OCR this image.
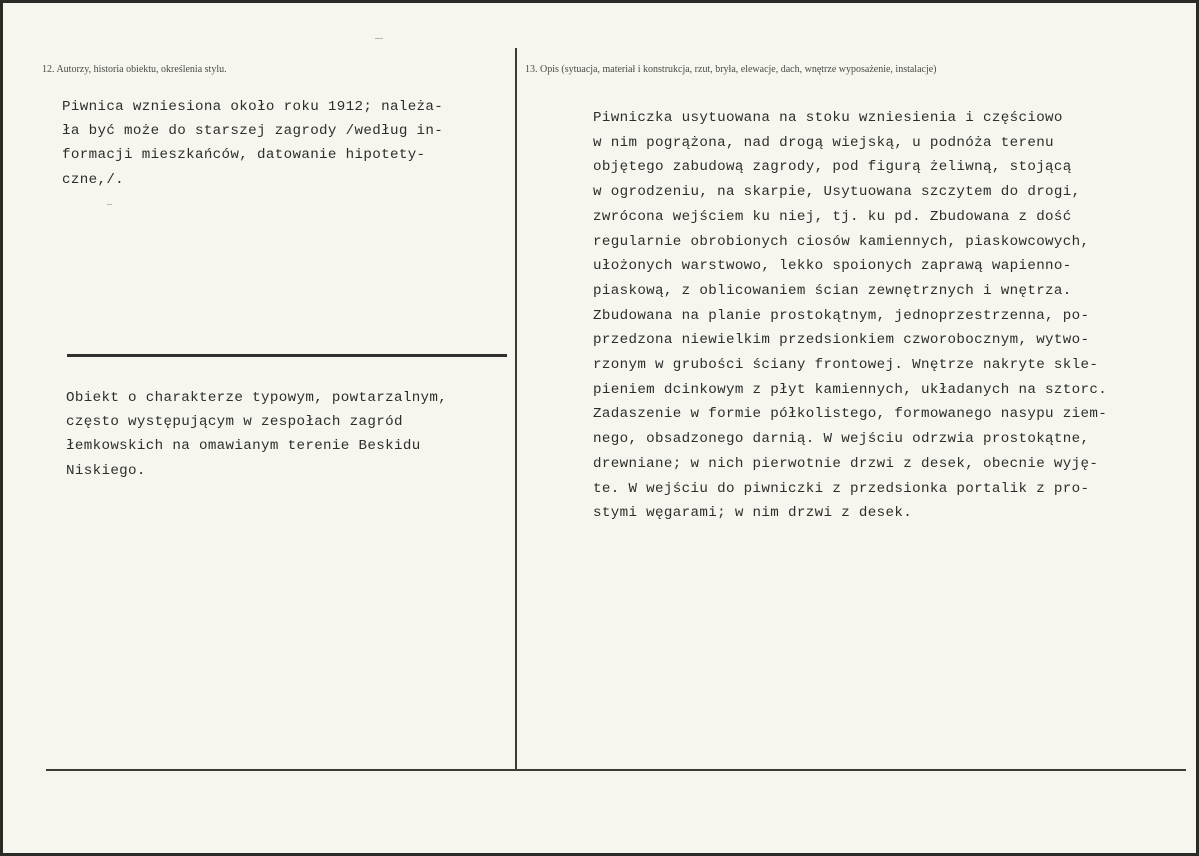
12. Autorzy, historia obiektu, określenia stylu.	13. Opis (sytuacja, materiał i konstrukcja, rzut, bryła, elewacje, dach, wnętrze wyposażenie, instalacje)
Piwnica wzniesiona około roku 1912; należa-
ła być może do starszej zagrody /według in-
formacji mieszkańców, datowanie hipotety-
czne,/.
Obiekt o charakterze typowym, powtarzalnym,
często występującym w zespołach zagród
łemkowskich na omawianym terenie Beskidu
Niskiego.
Piwniczka usytuowana na stoku wzniesienia i częściowo
w nim pogrążona, nad drogą wiejską, u podnóża terenu
objętego zabudową zagrody, pod figurą żeliwną, stojącą
w ogrodzeniu, na skarpie, Usytuowana szczytem do drogi,
zwrócona wejściem ku niej, tj. ku pd. Zbudowana z dość
regularnie obrobionych ciosów kamiennych, piaskowcowych,
ułożonych warstwowo, lekko spoionych zaprawą wapienno-
piaskową, z oblicowaniem ścian zewnętrznych i wnętrza.
Zbudowana na planie prostokątnym, jednoprzestrzenna, po-
przedzona niewielkim przedsionkiem czworobocznym, wytwo-
rzonym w grubości ściany frontowej. Wnętrze nakryte skle-
pieniem dcinkowym z płyt kamiennych, układanych na sztorc.
Zadaszenie w formie półkolistego, formowanego nasypu ziem-
nego, obsadzonego darnią. W wejściu odrzwia prostokątne,
drewniane; w nich pierwotnie drzwi z desek, obecnie wyję-
te. W wejściu do piwniczki z przedsionka portalik z pro-
stymi węgarami; w nim drzwi z desek.
